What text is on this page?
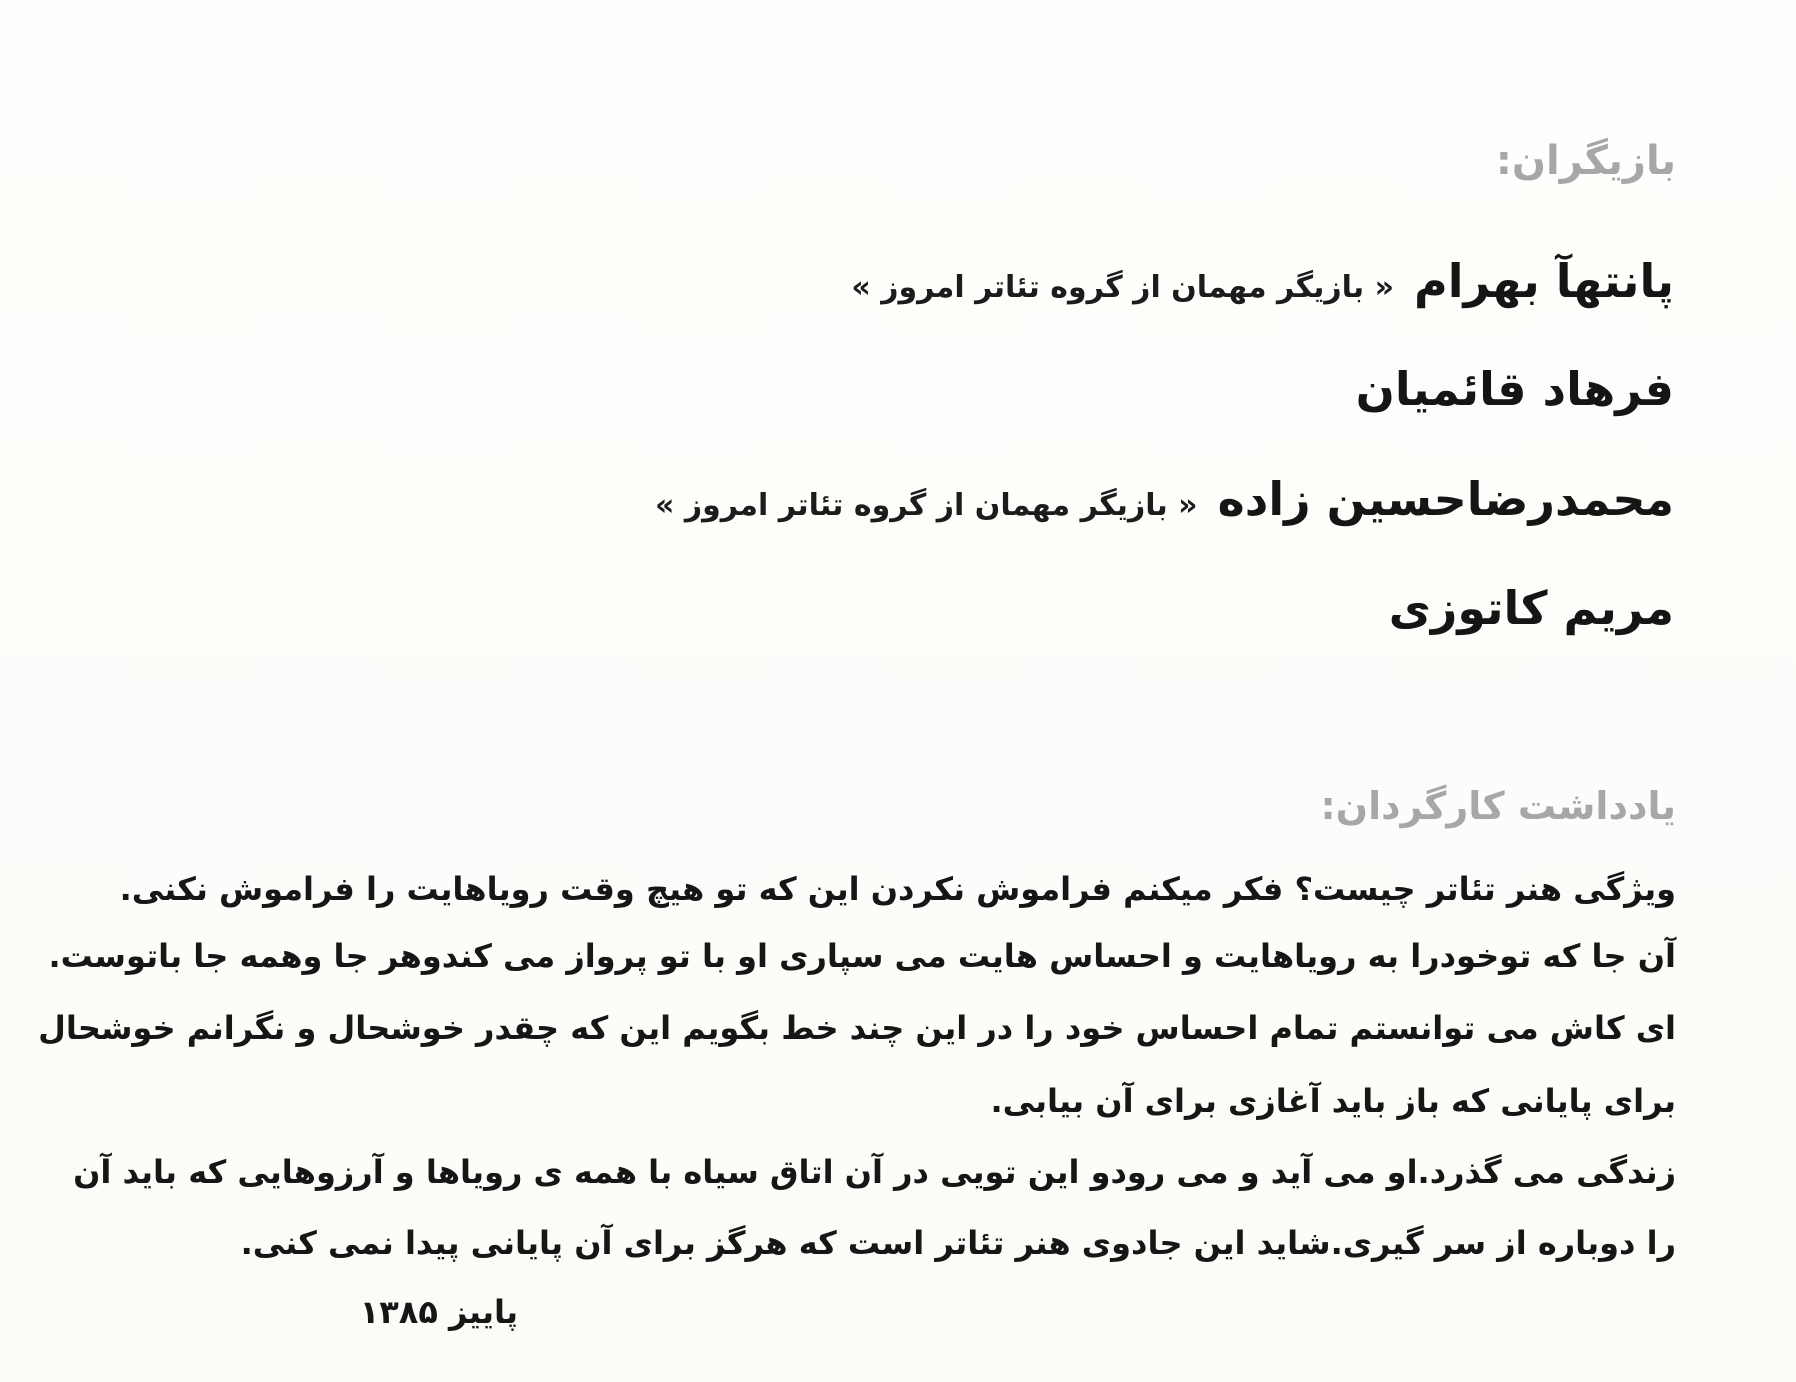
بازیگران:
پانتهآ بهرام « بازیگر مهمان از گروه تئاتر امروز »
فرهاد قائمیان
محمدرضاحسین زاده « بازیگر مهمان از گروه تئاتر امروز »
مریم کاتوزی
یادداشت کارگردان:
ویژگی هنر تئاتر چیست؟ فکر میکنم فراموش نکردن این که تو هیچ وقت رویاهایت را فراموش نکنی.
آن جا که توخودرا به رویاهایت و احساس هایت می سپاری او با تو پرواز می کندوهر جا وهمه جا باتوست.
ای کاش می توانستم تمام احساس خود را در این چند خط بگویم این که چقدر خوشحال و نگرانم خوشحال
برای پایانی که باز باید آغازی برای آن بیابی.
زندگی می گذرد.او می آید و می رودو این تویی در آن اتاق سیاه با همه ی رویاها و آرزوهایی که باید آن
را دوباره از سر گیری.شاید این جادوی هنر تئاتر است که هرگز برای آن پایانی پیدا نمی کنی.
پاییز ۱۳۸۵
